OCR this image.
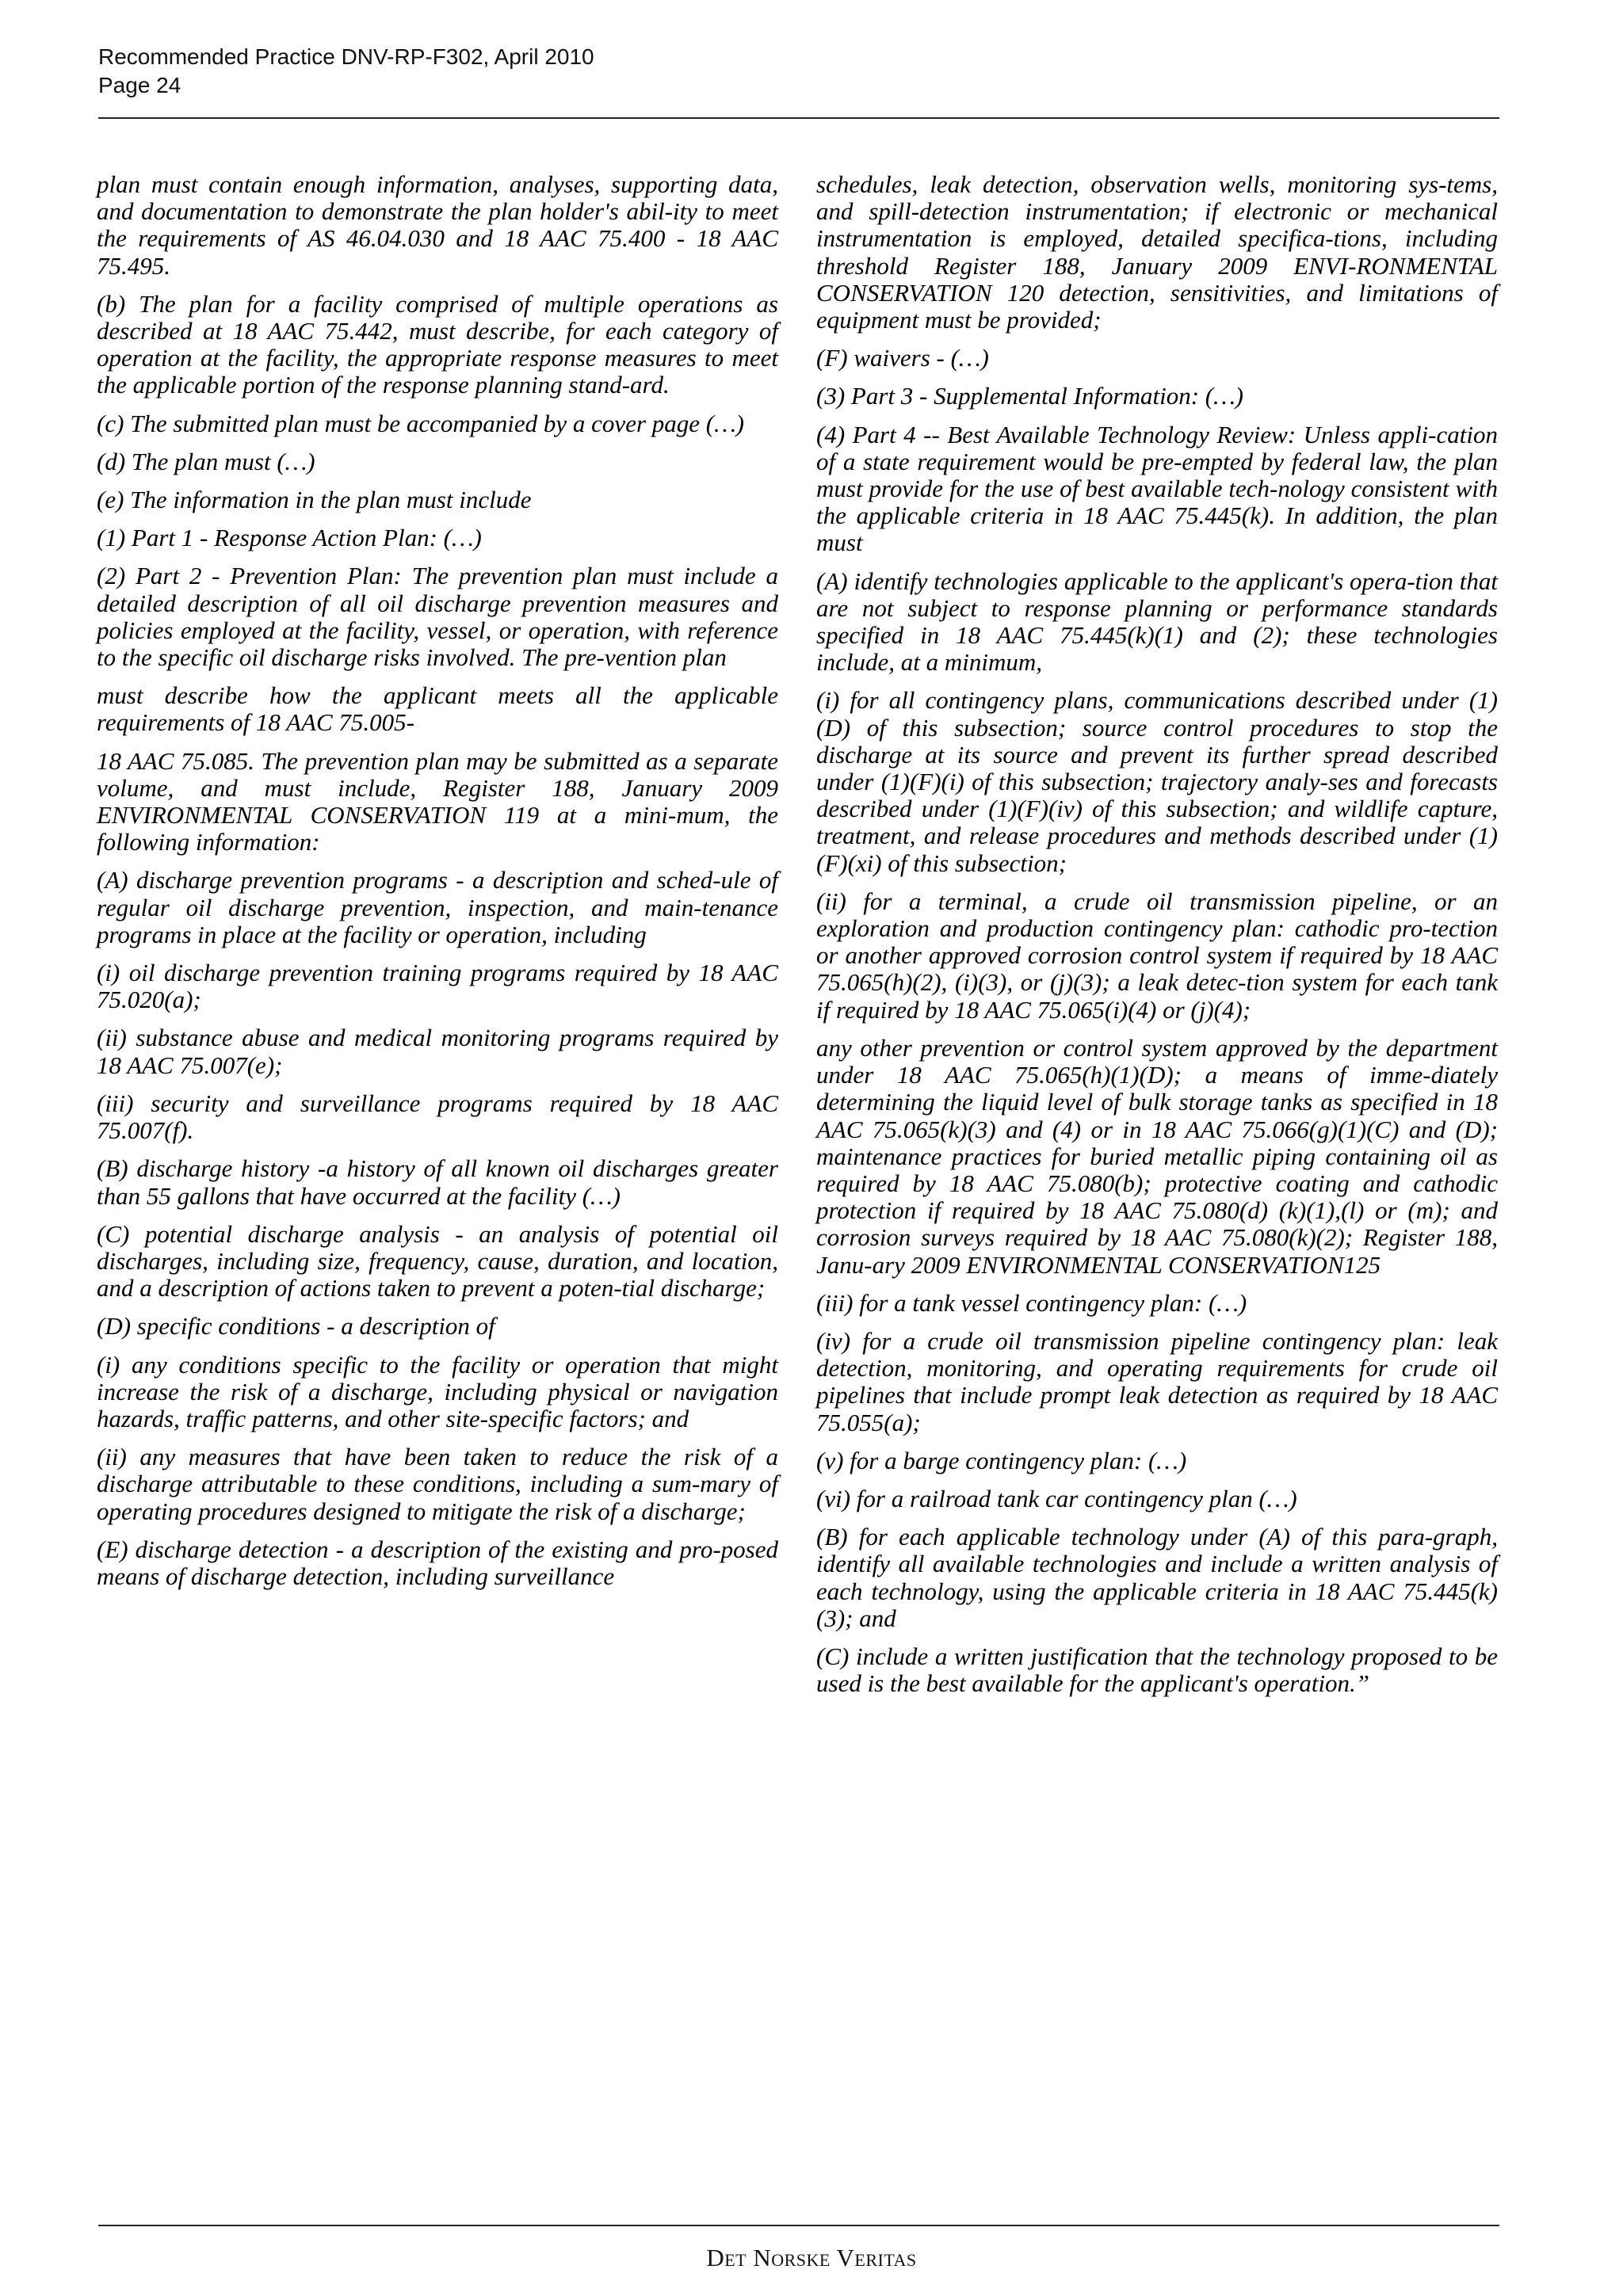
Recommended Practice DNV-RP-F302, April 2010
Page 24

plan must contain enough information, analyses, supporting data, and documentation to demonstrate the plan holder's abil-ity to meet the requirements of AS 46.04.030 and 18 AAC 75.400 - 18 AAC 75.495.

(b) The plan for a facility comprised of multiple operations as described at 18 AAC 75.442, must describe, for each category of operation at the facility, the appropriate response measures to meet the applicable portion of the response planning stand-ard.

(c) The submitted plan must be accompanied by a cover page (…)

(d) The plan must (…)

(e) The information in the plan must include

(1) Part 1 - Response Action Plan: (…)

(2) Part 2 - Prevention Plan: The prevention plan must include a detailed description of all oil discharge prevention measures and policies employed at the facility, vessel, or operation, with reference to the specific oil discharge risks involved. The pre-vention plan

must describe how the applicant meets all the applicable requirements of 18 AAC 75.005-

18 AAC 75.085. The prevention plan may be submitted as a separate volume, and must include, Register 188, January 2009 ENVIRONMENTAL CONSERVATION 119 at a mini-mum, the following information:

(A) discharge prevention programs - a description and sched-ule of regular oil discharge prevention, inspection, and main-tenance programs in place at the facility or operation, including

(i) oil discharge prevention training programs required by 18 AAC 75.020(a);

(ii) substance abuse and medical monitoring programs required by 18 AAC 75.007(e);

(iii) security and surveillance programs required by 18 AAC 75.007(f).

(B) discharge history -a history of all known oil discharges greater than 55 gallons that have occurred at the facility (…)

(C) potential discharge analysis - an analysis of potential oil discharges, including size, frequency, cause, duration, and location, and a description of actions taken to prevent a poten-tial discharge;

(D) specific conditions - a description of

(i) any conditions specific to the facility or operation that might increase the risk of a discharge, including physical or navigation hazards, traffic patterns, and other site-specific factors; and

(ii) any measures that have been taken to reduce the risk of a discharge attributable to these conditions, including a sum-mary of operating procedures designed to mitigate the risk of a discharge;

(E) discharge detection - a description of the existing and pro-posed means of discharge detection, including surveillance

schedules, leak detection, observation wells, monitoring sys-tems, and spill-detection instrumentation; if electronic or mechanical instrumentation is employed, detailed specifica-tions, including threshold Register 188, January 2009 ENVI-RONMENTAL CONSERVATION 120 detection, sensitivities, and limitations of equipment must be provided;

(F) waivers - (…)

(3) Part 3 - Supplemental Information: (…)

(4) Part 4 -- Best Available Technology Review: Unless appli-cation of a state requirement would be pre-empted by federal law, the plan must provide for the use of best available tech-nology consistent with the applicable criteria in 18 AAC 75.445(k). In addition, the plan must

(A) identify technologies applicable to the applicant's opera-tion that are not subject to response planning or performance standards specified in 18 AAC 75.445(k)(1) and (2); these technologies include, at a minimum,

(i) for all contingency plans, communications described under (1)(D) of this subsection; source control procedures to stop the discharge at its source and prevent its further spread described under (1)(F)(i) of this subsection; trajectory analy-ses and forecasts described under (1)(F)(iv) of this subsection; and wildlife capture, treatment, and release procedures and methods described under (1)(F)(xi) of this subsection;

(ii) for a terminal, a crude oil transmission pipeline, or an exploration and production contingency plan: cathodic pro-tection or another approved corrosion control system if required by 18 AAC 75.065(h)(2), (i)(3), or (j)(3); a leak detec-tion system for each tank if required by 18 AAC 75.065(i)(4) or (j)(4);

any other prevention or control system approved by the department under 18 AAC 75.065(h)(1)(D); a means of imme-diately determining the liquid level of bulk storage tanks as specified in 18 AAC 75.065(k)(3) and (4) or in 18 AAC 75.066(g)(1)(C) and (D); maintenance practices for buried metallic piping containing oil as required by 18 AAC 75.080(b); protective coating and cathodic protection if required by 18 AAC 75.080(d) (k)(1),(l) or (m); and corrosion surveys required by 18 AAC 75.080(k)(2); Register 188, Janu-ary 2009 ENVIRONMENTAL CONSERVATION125

(iii) for a tank vessel contingency plan: (…)

(iv) for a crude oil transmission pipeline contingency plan: leak detection, monitoring, and operating requirements for crude oil pipelines that include prompt leak detection as required by 18 AAC 75.055(a);

(v) for a barge contingency plan: (…)

(vi) for a railroad tank car contingency plan (…)

(B) for each applicable technology under (A) of this para-graph, identify all available technologies and include a written analysis of each technology, using the applicable criteria in 18 AAC 75.445(k)(3); and

(C) include a written justification that the technology proposed to be used is the best available for the applicant's operation.”

Det Norske Veritas
